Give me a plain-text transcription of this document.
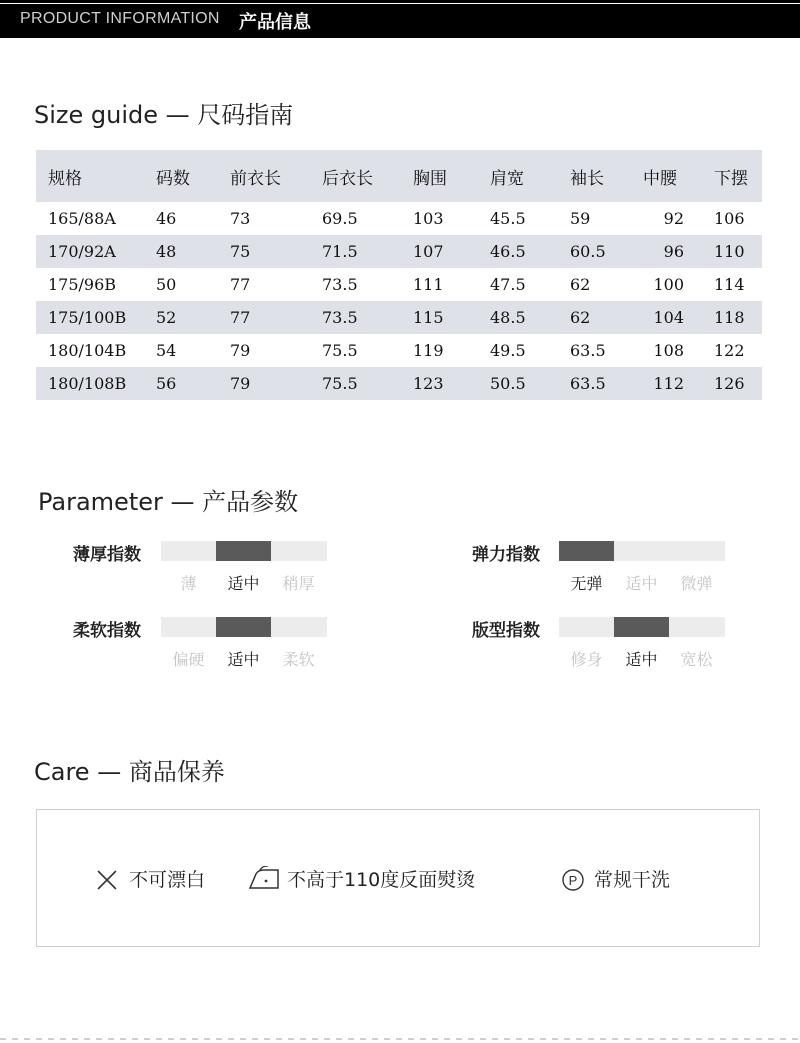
PRODUCT INFORMATION 产品信息
Size guide — 尺码指南
规格	码数	前衣长	后衣长	胸围	肩宽	袖长	中腰	下摆
165/88A	46	73	69.5	103	45.5	59	92	106
170/92A	48	75	71.5	107	46.5	60.5	96	110
175/96B	50	77	73.5	111	47.5	62	100	114
175/100B	52	77	73.5	115	48.5	62	104	118
180/104B	54	79	75.5	119	49.5	63.5	108	122
180/108B	56	79	75.5	123	50.5	63.5	112	126
Parameter — 产品参数
薄厚指数
薄	适中	稍厚
弹力指数
无弹	适中	微弹
柔软指数
偏硬	适中	柔软
版型指数
修身	适中	宽松
Care — 商品保养
不可漂白	不高于110度反面熨烫	P 常规干洗
